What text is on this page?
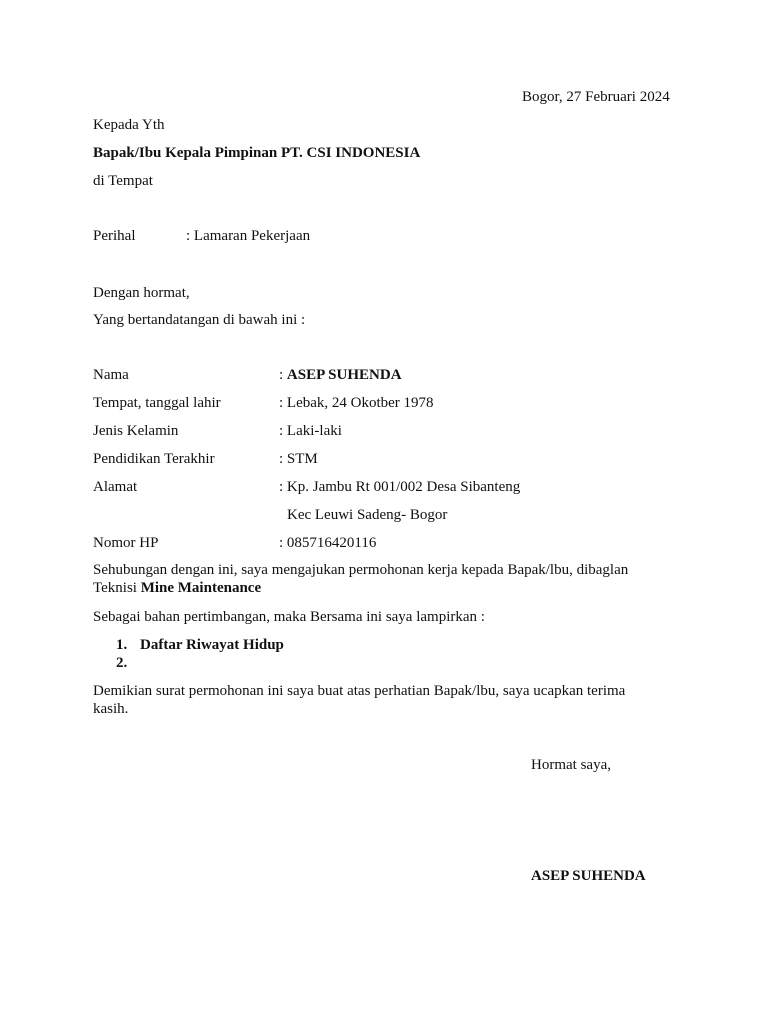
Bogor, 27 Februari 2024
Kepada Yth
Bapak/Ibu Kepala Pimpinan PT. CSI INDONESIA
di Tempat
Perihal	: Lamaran Pekerjaan
Dengan hormat,
Yang bertandatangan di bawah ini :
Nama	: ASEP SUHENDA
Tempat, tanggal lahir	: Lebak, 24 Okotber 1978
Jenis Kelamin	: Laki-laki
Pendidikan Terakhir	: STM
Alamat	: Kp. Jambu Rt 001/002 Desa Sibanteng
Kec Leuwi Sadeng- Bogor
Nomor HP	: 085716420116
Sehubungan dengan ini, saya mengajukan permohonan kerja kepada Bapak/lbu, dibaglan Teknisi Mine Maintenance
Sebagai bahan pertimbangan, maka Bersama ini saya lampirkan :
1. Daftar Riwayat Hidup
2.
Demikian surat permohonan ini saya buat atas perhatian Bapak/lbu, saya ucapkan terima kasih.
Hormat saya,
ASEP SUHENDA
